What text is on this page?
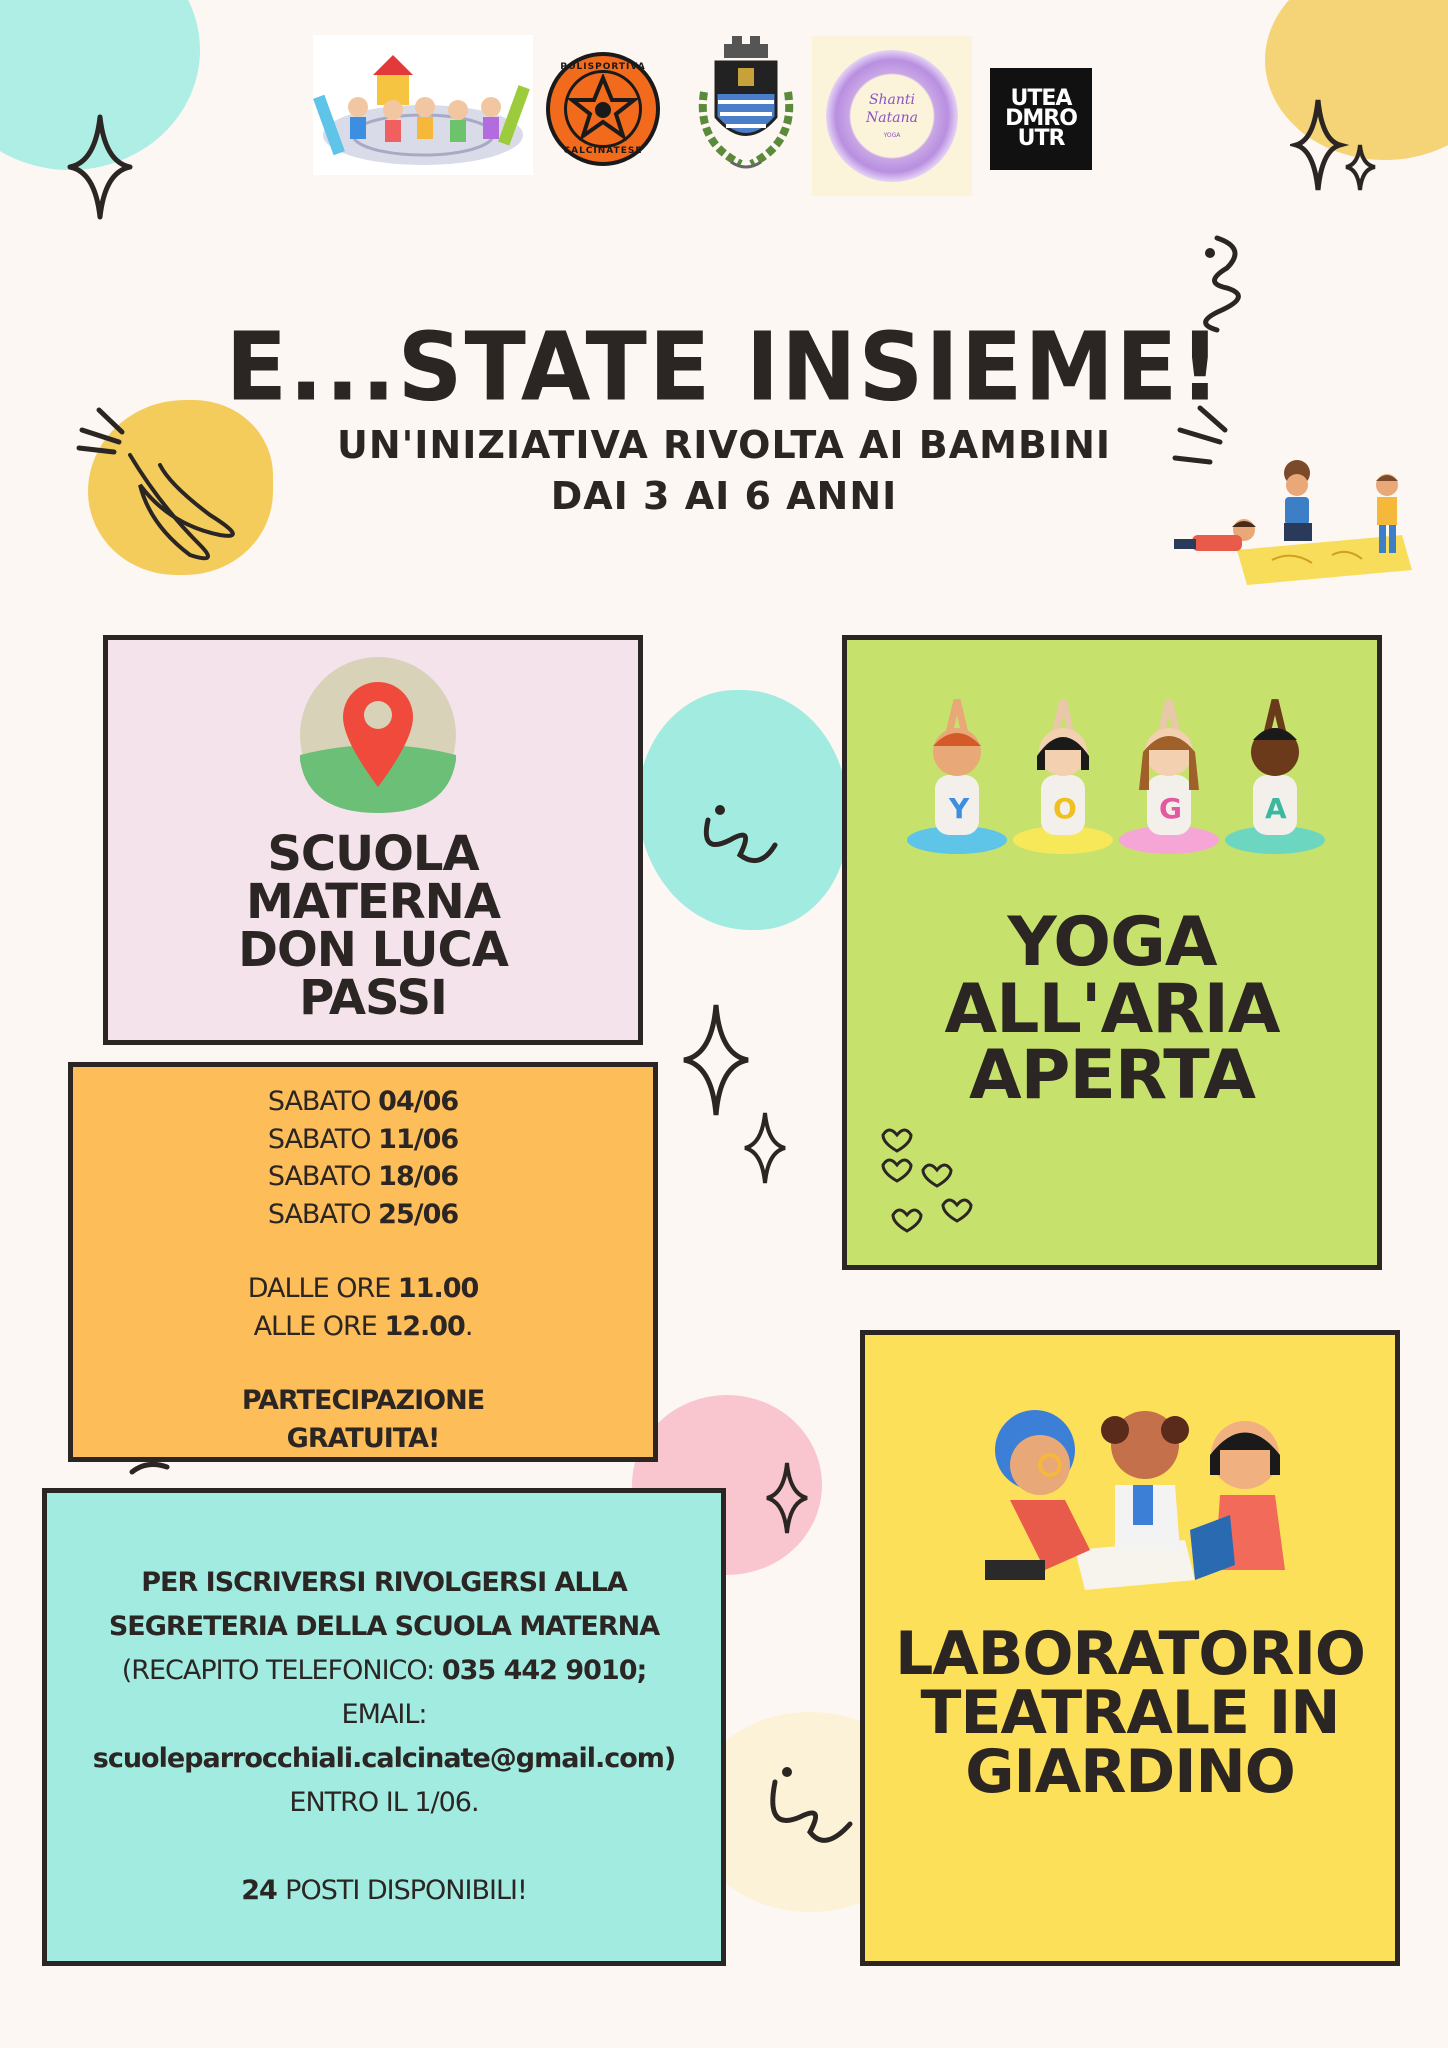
POLISPORTIVA
CALCINATESE
Shanti
Natana
YOGA
UTEA
DMRO
UTR
E...STATE INSIEME!
UN'INIZIATIVA RIVOLTA AI BAMBINI
DAI 3 AI 6 ANNI
SCUOLA
MATERNA
DON LUCA
PASSI
SABATO 04/06
SABATO 11/06
SABATO 18/06
SABATO 25/06
DALLE ORE 11.00
ALLE ORE 12.00.
PARTECIPAZIONE
GRATUITA!
PER ISCRIVERSI RIVOLGERSI ALLA
SEGRETERIA DELLA SCUOLA MATERNA
(RECAPITO TELEFONICO: 035 442 9010;
EMAIL:
scuoleparrocchiali.calcinate@gmail.com)
ENTRO IL 1/06.
24 POSTI DISPONIBILI!
Y	O	G	A
YOGA
ALL'ARIA
APERTA
LABORATORIO
TEATRALE IN
GIARDINO
